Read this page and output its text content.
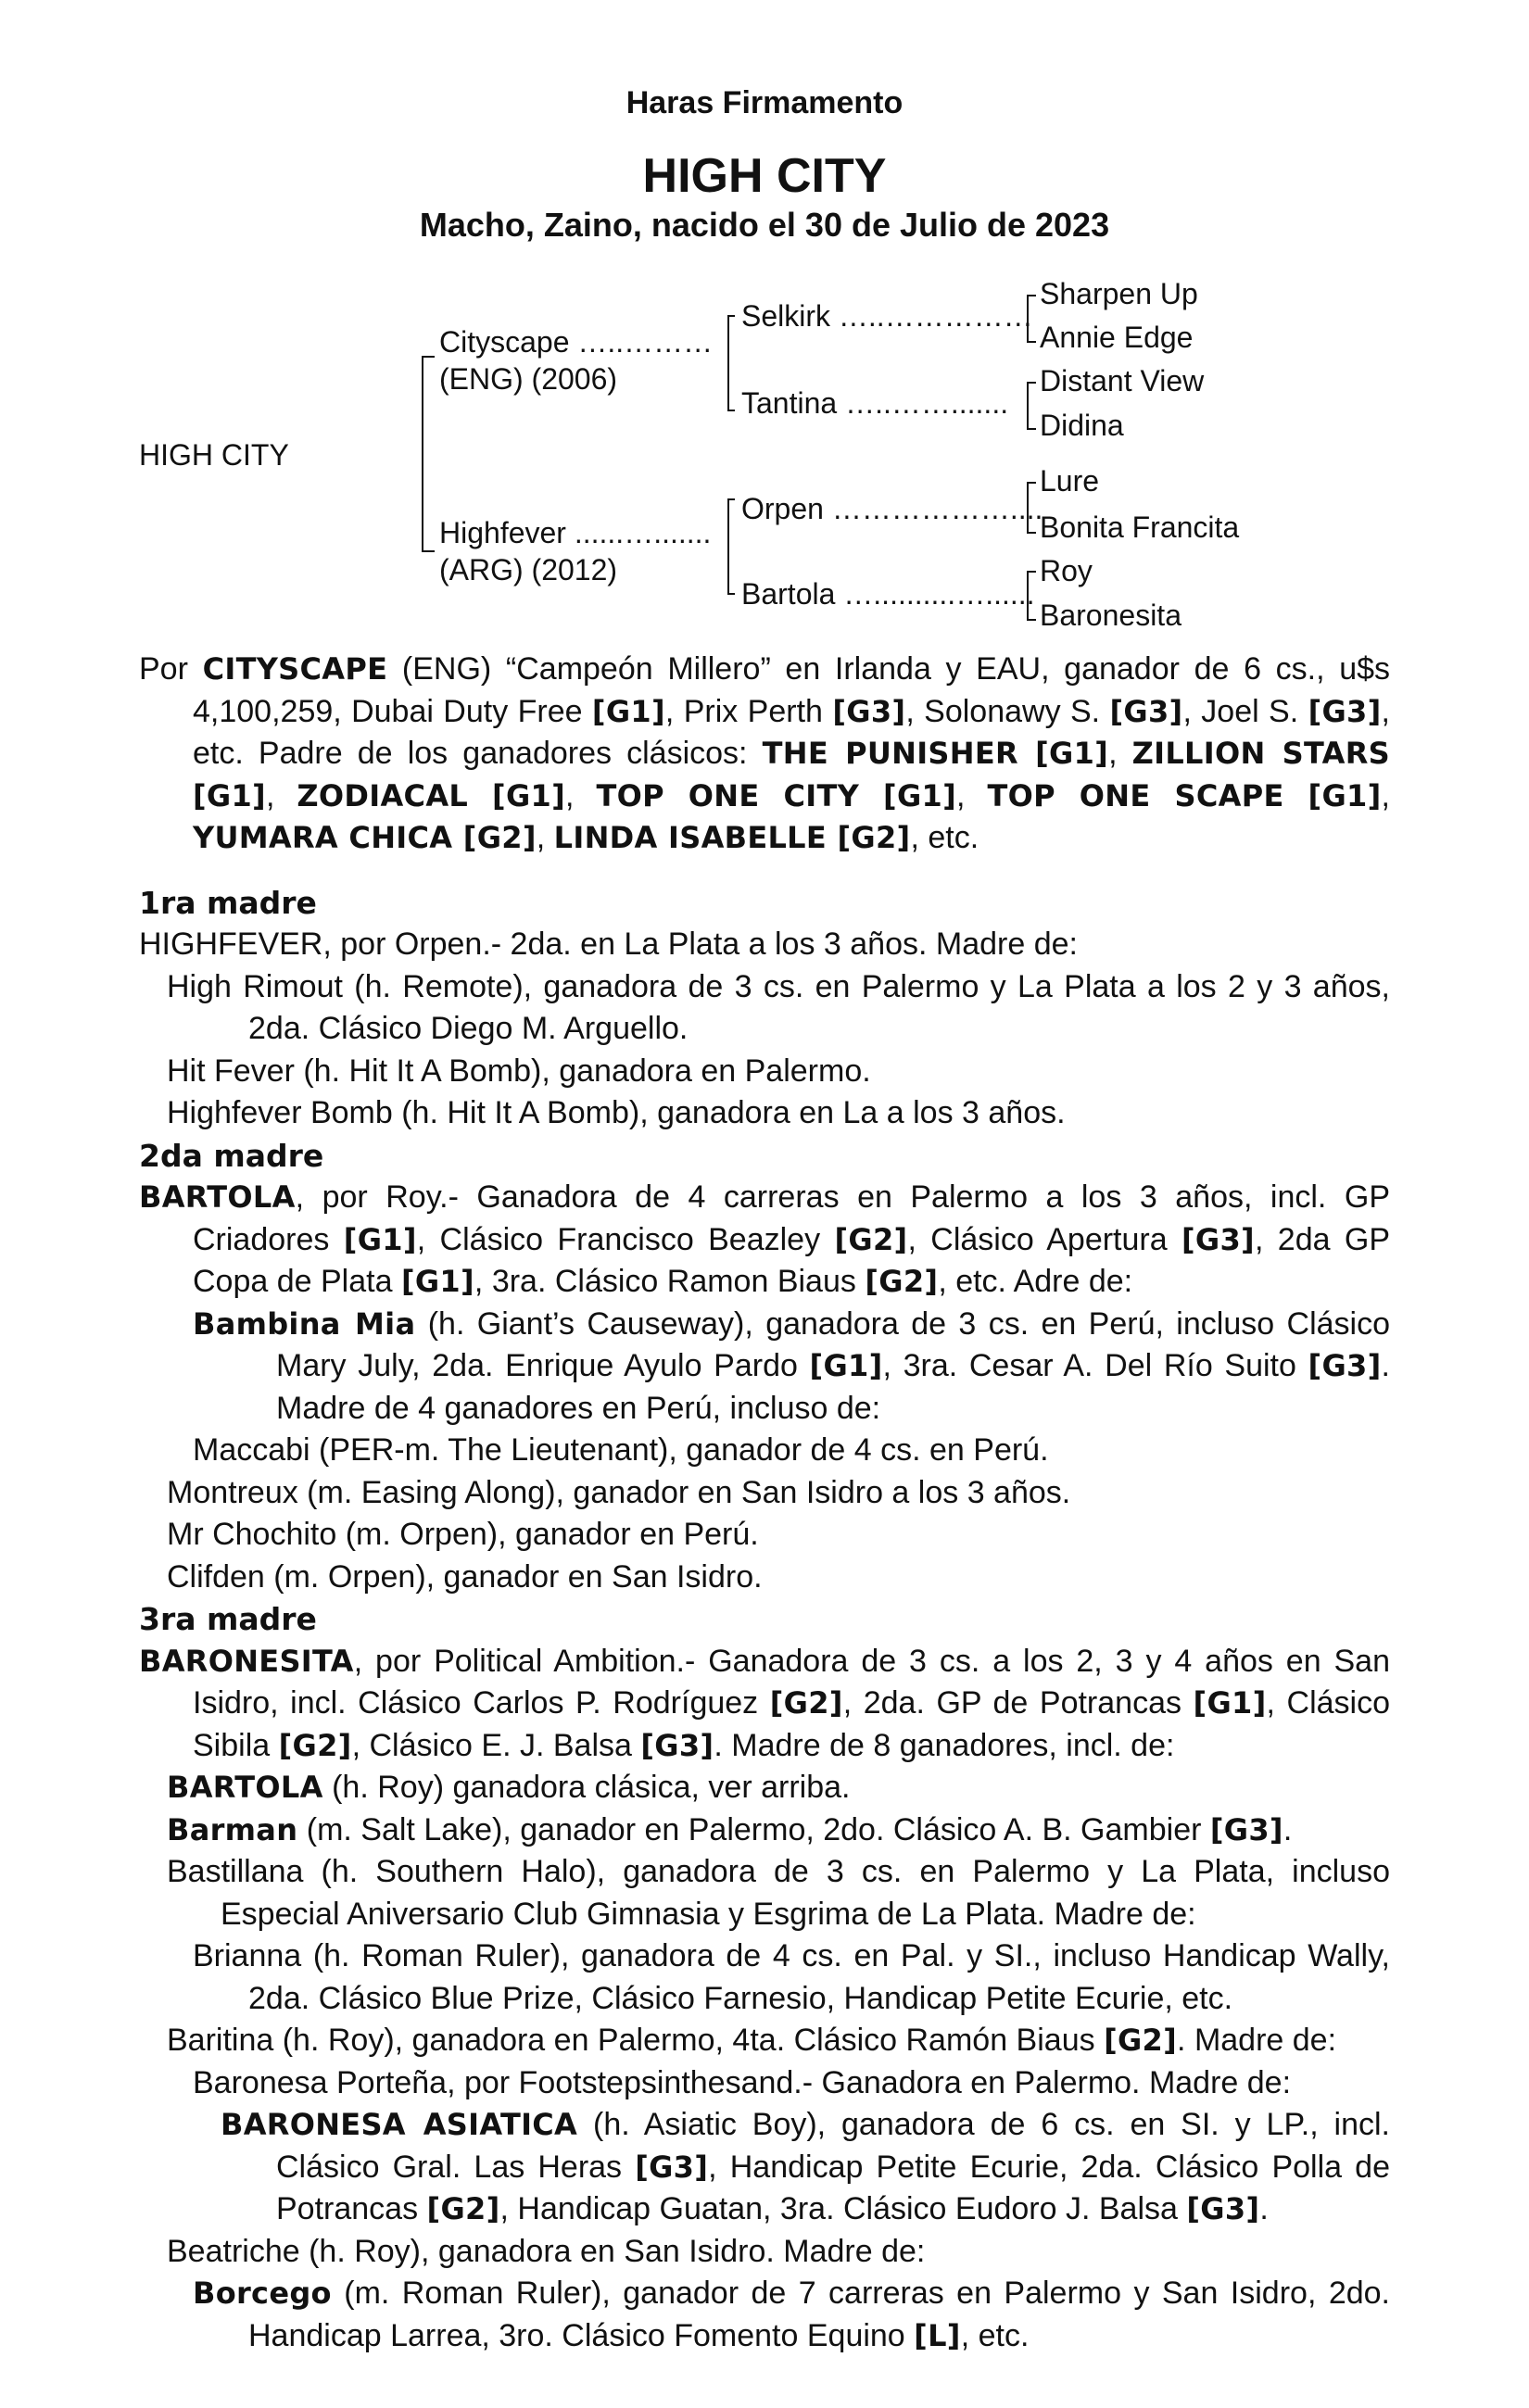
Haras Firmamento
HIGH CITY
Macho, Zaino, nacido el 30 de Julio de 2023
HIGH CITY
Cityscape …..………
(ENG) (2006)
Highfever ......….......
(ARG) (2012)
Selkirk …..……………
Tantina …..…….......
Orpen ………………....
Bartola …..........…......
Sharpen Up
Annie Edge
Distant View
Didina
Lure
Bonita Francita
Roy
Baronesita
Por CITYSCAPE (ENG) “Campeón Millero” en Irlanda y EAU, ganador de 6 cs., u$s 4,100,259, Dubai Duty Free [G1], Prix Perth [G3], Solonawy S. [G3], Joel S. [G3], etc. Padre de los ganadores clásicos: THE PUNISHER [G1], ZILLION STARS [G1], ZODIACAL [G1], TOP ONE CITY [G1], TOP ONE SCAPE [G1], YUMARA CHICA [G2], LINDA ISABELLE [G2], etc.
1ra madre
HIGHFEVER, por Orpen.- 2da. en La Plata a los 3 años. Madre de:
High Rimout (h. Remote), ganadora de 3 cs. en Palermo y La Plata a los 2 y 3 años, 2da. Clásico Diego M. Arguello.
Hit Fever (h. Hit It A Bomb), ganadora en Palermo.
Highfever Bomb (h. Hit It A Bomb), ganadora en La a los 3 años.
2da madre
BARTOLA, por Roy.- Ganadora de 4 carreras en Palermo a los 3 años, incl. GP Criadores [G1], Clásico Francisco Beazley [G2], Clásico Apertura [G3], 2da GP Copa de Plata [G1], 3ra. Clásico Ramon Biaus [G2], etc. Adre de:
Bambina Mia (h. Giant’s Causeway), ganadora de 3 cs. en Perú, incluso Clásico Mary July, 2da. Enrique Ayulo Pardo [G1], 3ra. Cesar A. Del Río Suito [G3]. Madre de 4 ganadores en Perú, incluso de:
Maccabi (PER-m. The Lieutenant), ganador de 4 cs. en Perú.
Montreux (m. Easing Along), ganador en San Isidro a los 3 años.
Mr Chochito (m. Orpen), ganador en Perú.
Clifden (m. Orpen), ganador en San Isidro.
3ra madre
BARONESITA, por Political Ambition.- Ganadora de 3 cs. a los 2, 3 y 4 años en San Isidro, incl. Clásico Carlos P. Rodríguez [G2], 2da. GP de Potrancas [G1], Clásico Sibila [G2], Clásico E. J. Balsa [G3]. Madre de 8 ganadores, incl. de:
BARTOLA (h. Roy) ganadora clásica, ver arriba.
Barman (m. Salt Lake), ganador en Palermo, 2do. Clásico A. B. Gambier [G3].
Bastillana (h. Southern Halo), ganadora de 3 cs. en Palermo y La Plata, incluso Especial Aniversario Club Gimnasia y Esgrima de La Plata. Madre de:
Brianna (h. Roman Ruler), ganadora de 4 cs. en Pal. y SI., incluso Handicap Wally, 2da. Clásico Blue Prize, Clásico Farnesio, Handicap Petite Ecurie, etc.
Baritina (h. Roy), ganadora en Palermo, 4ta. Clásico Ramón Biaus [G2]. Madre de:
Baronesa Porteña, por Footstepsinthesand.- Ganadora en Palermo. Madre de:
BARONESA ASIATICA (h. Asiatic Boy), ganadora de 6 cs. en SI. y LP., incl. Clásico Gral. Las Heras [G3], Handicap Petite Ecurie, 2da. Clásico Polla de Potrancas [G2], Handicap Guatan, 3ra. Clásico Eudoro J. Balsa [G3].
Beatriche (h. Roy), ganadora en San Isidro. Madre de:
Borcego (m. Roman Ruler), ganador de 7 carreras en Palermo y San Isidro, 2do. Handicap Larrea, 3ro. Clásico Fomento Equino [L], etc.
